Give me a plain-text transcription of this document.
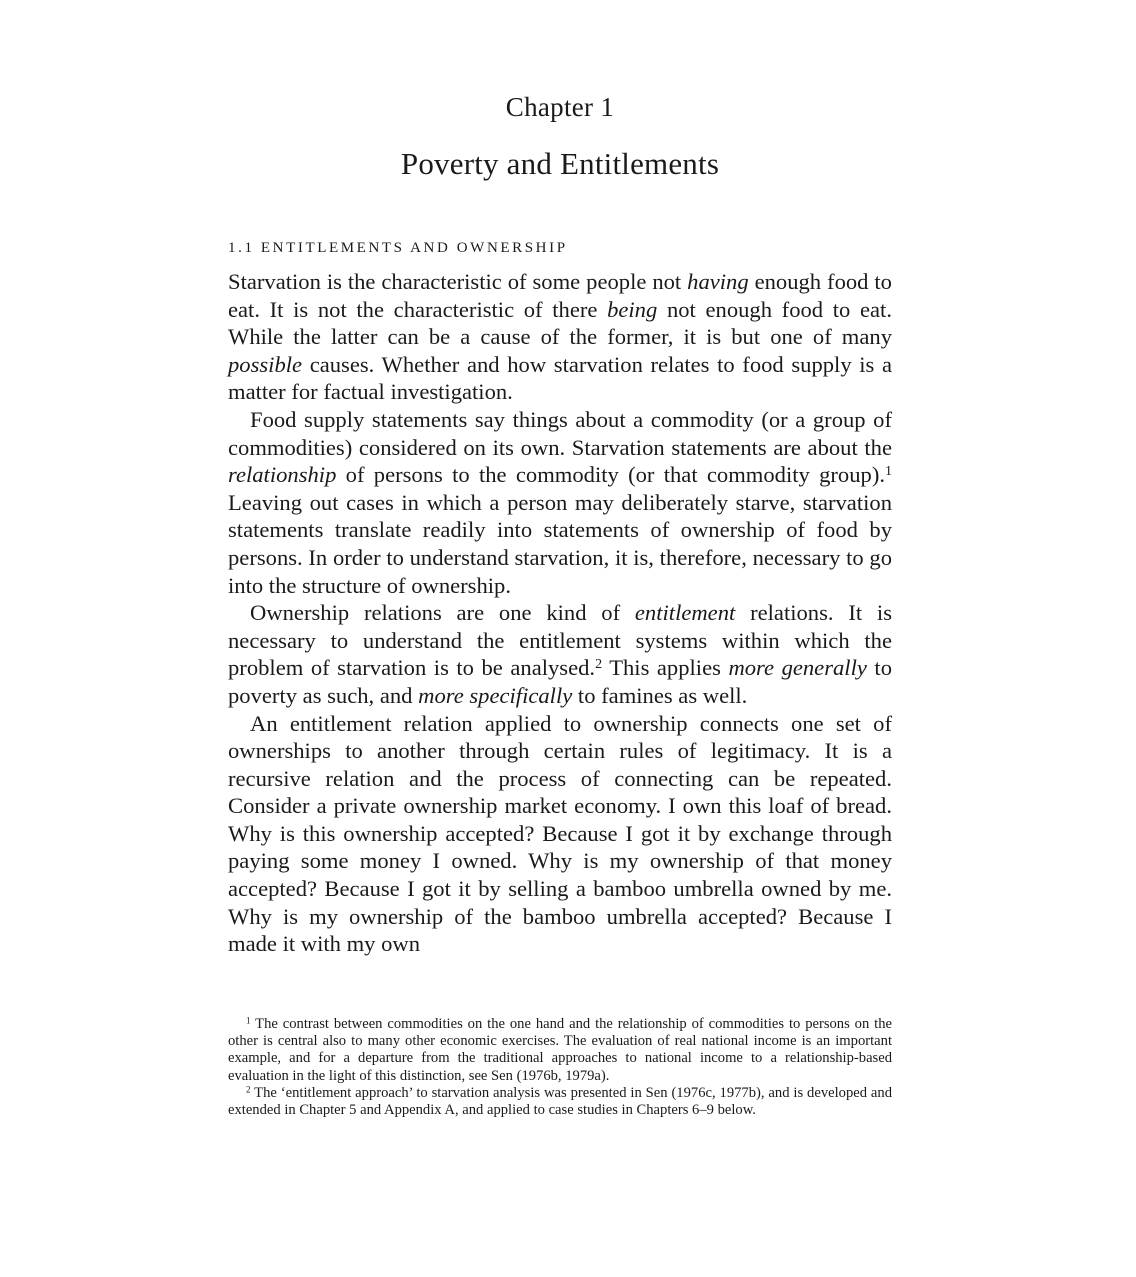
Chapter 1
Poverty and Entitlements
1.1 ENTITLEMENTS AND OWNERSHIP

Starvation is the characteristic of some people not having enough food to eat. It is not the characteristic of there being not enough food to eat. While the latter can be a cause of the former, it is but one of many possible causes. Whether and how starvation relates to food supply is a matter for factual investigation.

Food supply statements say things about a commodity (or a group of commodities) considered on its own. Starvation statements are about the relationship of persons to the commodity (or that commodity group).$^1$ Leaving out cases in which a person may deliberately starve, starvation statements translate readily into statements of ownership of food by persons. In order to understand starvation, it is, therefore, necessary to go into the structure of ownership.

Ownership relations are one kind of entitlement relations. It is necessary to understand the entitlement systems within which the problem of starvation is to be analysed.$^2$ This applies more generally to poverty as such, and more specifically to famines as well.

An entitlement relation applied to ownership connects one set of ownerships to another through certain rules of legitimacy. It is a recursive relation and the process of connecting can be repeated. Consider a private ownership market economy. I own this loaf of bread. Why is this ownership accepted? Because I got it by exchange through paying some money I owned. Why is my ownership of that money accepted? Because I got it by selling a bamboo umbrella owned by me. Why is my ownership of the bamboo umbrella accepted? Because I made it with my own

$^1$ The contrast between commodities on the one hand and the relationship of commodities to persons on the other is central also to many other economic exercises. The evaluation of real national income is an important example, and for a departure from the traditional approaches to national income to a relationship-based evaluation in the light of this distinction, see Sen (1976b, 1979a).

$^2$ The ‘entitlement approach’ to starvation analysis was presented in Sen (1976c, 1977b), and is developed and extended in Chapter 5 and Appendix A, and applied to case studies in Chapters 6–9 below.
